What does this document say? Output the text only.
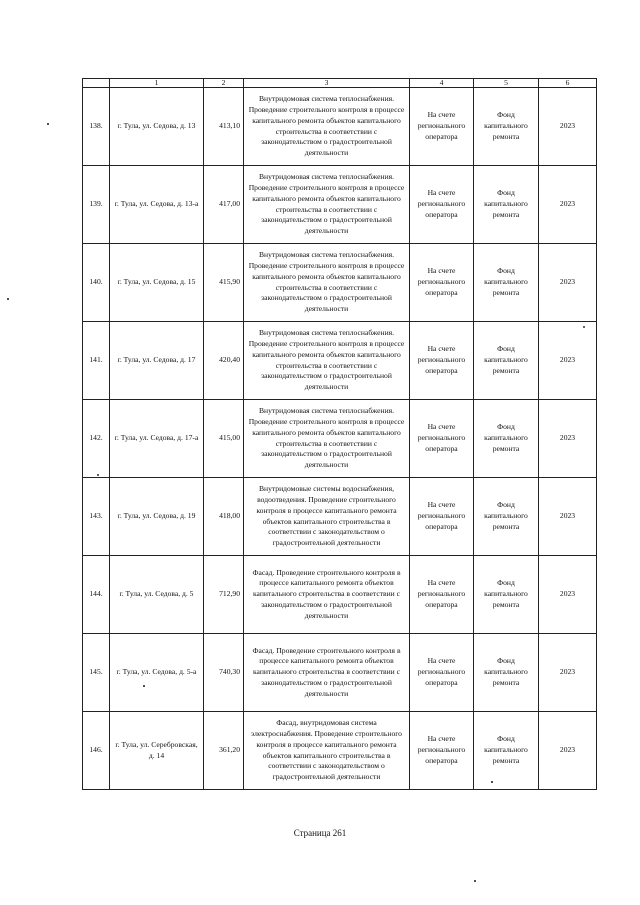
	1	2	3	4	5	6
138.	г. Тула, ул. Седова, д. 13	413,10	Внутридомовая система теплоснабжения. Проведение строительного контроля в процессе капитального ремонта объектов капитального строительства в соответствии с законодательством о градостроительной деятельности	На счете регионального оператора	Фонд капитального ремонта	2023
139.	г. Тула, ул. Седова, д. 13-а	417,00	Внутридомовая система теплоснабжения. Проведение строительного контроля в процессе капитального ремонта объектов капитального строительства в соответствии с законодательством о градостроительной деятельности	На счете регионального оператора	Фонд капитального ремонта	2023
140.	г. Тула, ул. Седова, д. 15	415,90	Внутридомовая система теплоснабжения. Проведение строительного контроля в процессе капитального ремонта объектов капитального строительства в соответствии с законодательством о градостроительной деятельности	На счете регионального оператора	Фонд капитального ремонта	2023
141.	г. Тула, ул. Седова, д. 17	420,40	Внутридомовая система теплоснабжения. Проведение строительного контроля в процессе капитального ремонта объектов капитального строительства в соответствии с законодательством о градостроительной деятельности	На счете регионального оператора	Фонд капитального ремонта	2023
142.	г. Тула, ул. Седова, д. 17-а	415,00	Внутридомовая система теплоснабжения. Проведение строительного контроля в процессе капитального ремонта объектов капитального строительства в соответствии с законодательством о градостроительной деятельности	На счете регионального оператора	Фонд капитального ремонта	2023
143.	г. Тула, ул. Седова, д. 19	418,00	Внутридомовые системы водоснабжения, водоотведения. Проведение строительного контроля в процессе капитального ремонта объектов капитального строительства в соответствии с законодательством о градостроительной деятельности	На счете регионального оператора	Фонд капитального ремонта	2023
144.	г. Тула, ул. Седова, д. 5	712,90	Фасад. Проведение строительного контроля в процессе капитального ремонта объектов капитального строительства в соответствии с законодательством о градостроительной деятельности	На счете регионального оператора	Фонд капитального ремонта	2023
145.	г. Тула, ул. Седова, д. 5-а	740,30	Фасад. Проведение строительного контроля в процессе капитального ремонта объектов капитального строительства в соответствии с законодательством о градостроительной деятельности	На счете регионального оператора	Фонд капитального ремонта	2023
146.	г. Тула, ул. Серебровская, д. 14	361,20	Фасад, внутридомовая система электроснабжения. Проведение строительного контроля в процессе капитального ремонта объектов капитального строительства в соответствии с законодательством о градостроительной деятельности	На счете регионального оператора	Фонд капитального ремонта	2023
Страница 261
